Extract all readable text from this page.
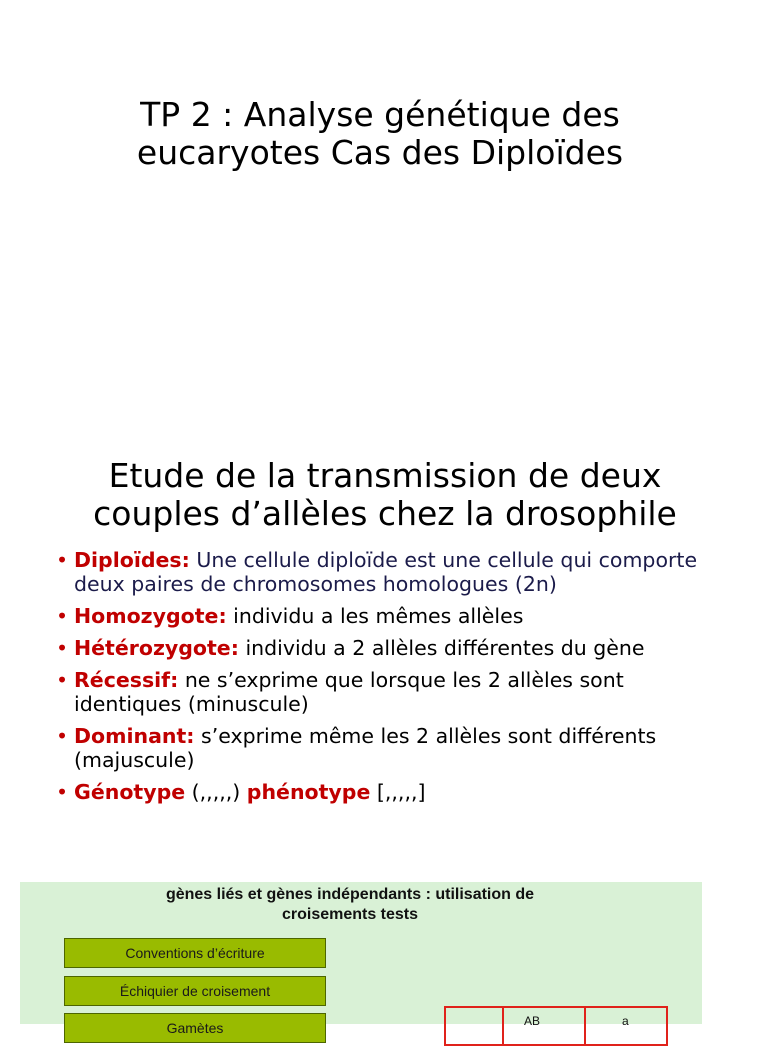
TP 2 : Analyse génétique des
eucaryotes Cas des Diploïdes
Etude de la transmission de deux
couples d’allèles chez la drosophile
• Diploïdes: Une cellule diploïde est une cellule qui comporte deux paires de chromosomes homologues (2n)
• Homozygote: individu a les mêmes allèles
• Hétérozygote: individu a 2 allèles différentes du gène
• Récessif: ne s’exprime que lorsque les 2 allèles sont identiques (minuscule)
• Dominant: s’exprime même les 2 allèles sont différents (majuscule)
• Génotype (,,,,,) phénotype [,,,,,]
gènes liés et gènes indépendants : utilisation de
croisements tests
Conventions d’écriture
Échiquier de croisement
Gamètes	AB	a
